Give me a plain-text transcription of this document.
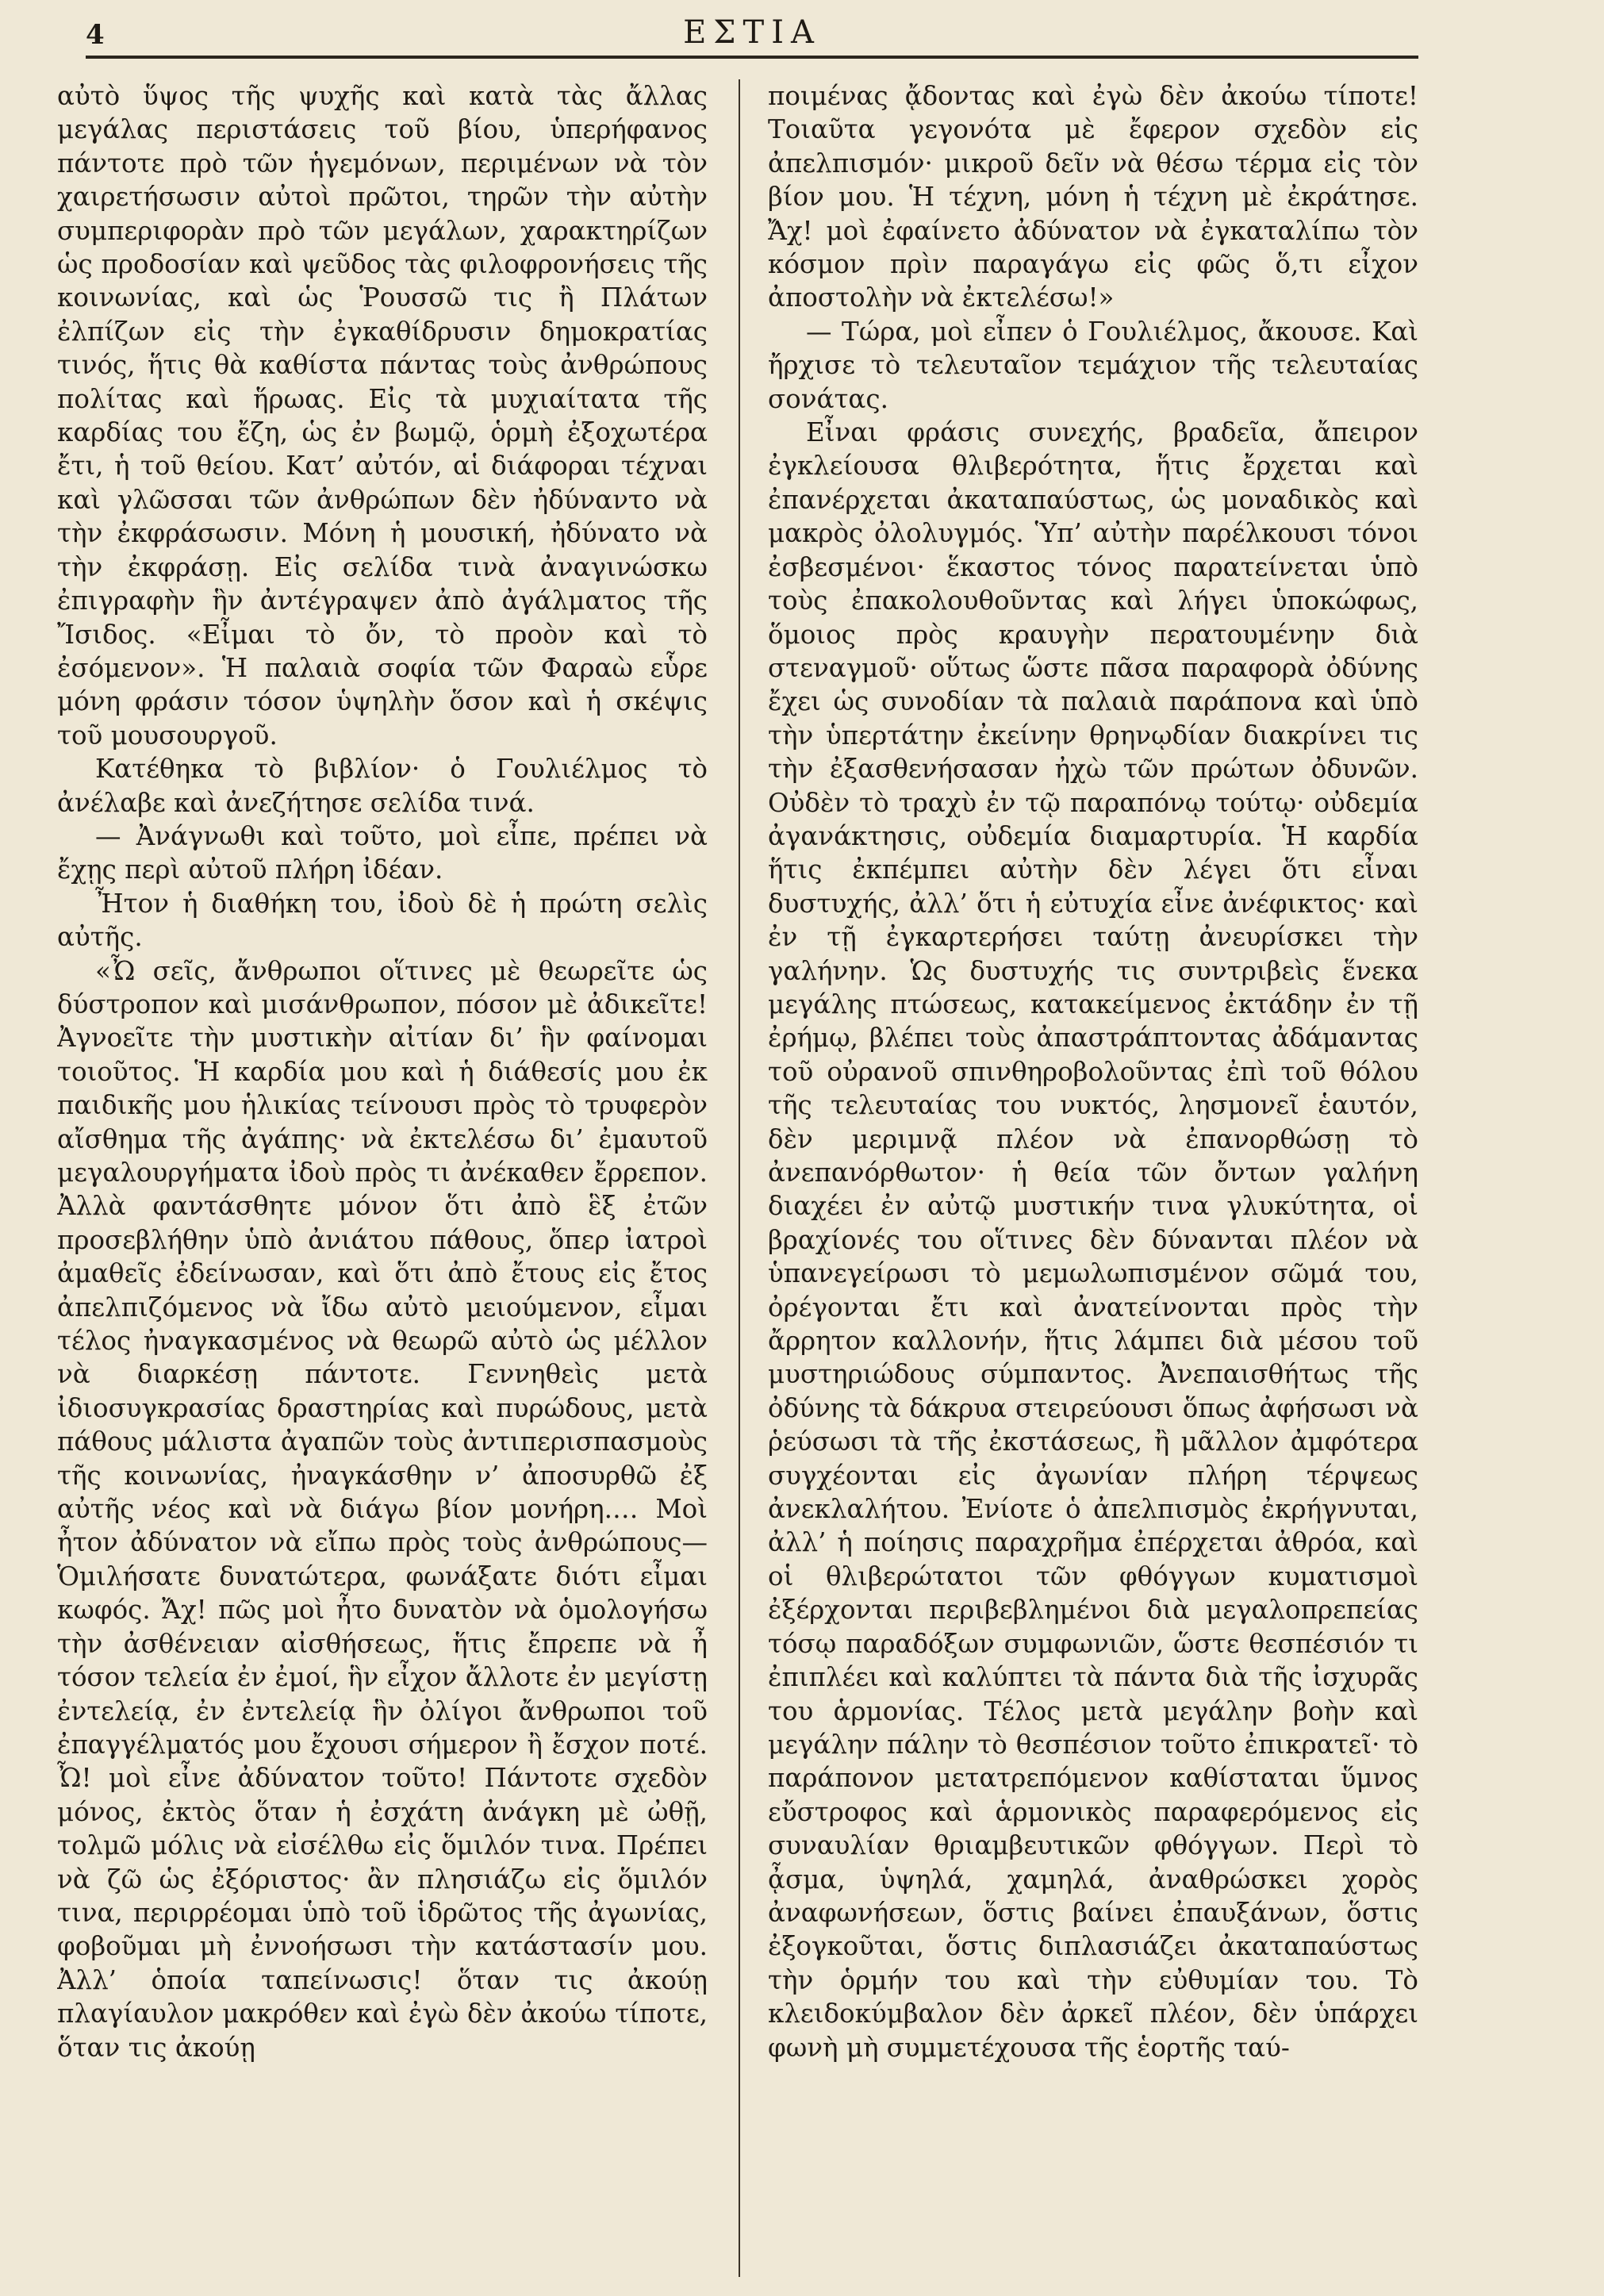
4	ΕΣΤΙΑ

αὐτὸ ὕψος τῆς ψυχῆς καὶ κατὰ τὰς ἄλλας μεγάλας περιστάσεις τοῦ βίου, ὑπερήφανος πάντοτε πρὸ τῶν ἡγεμόνων, περιμένων νὰ τὸν χαιρετήσωσιν αὐτοὶ πρῶτοι, τηρῶν τὴν αὐτὴν συμπεριφορὰν πρὸ τῶν μεγάλων, χαρακτηρίζων ὡς προδοσίαν καὶ ψεῦδος τὰς φιλοφρονήσεις τῆς κοινωνίας, καὶ ὡς Ῥουσσῶ τις ἢ Πλάτων ἐλπίζων εἰς τὴν ἐγκαθίδρυσιν δημοκρατίας τινός, ἥτις θὰ καθίστα πάντας τοὺς ἀνθρώπους πολίτας καὶ ἥρωας. Εἰς τὰ μυχιαίτατα τῆς καρδίας του ἔζη, ὡς ἐν βωμῷ, ὁρμὴ ἐξοχωτέρα ἔτι, ἡ τοῦ θείου. Κατ’ αὐτόν, αἱ διάφοραι τέχναι καὶ γλῶσσαι τῶν ἀνθρώπων δὲν ἠδύναντο νὰ τὴν ἐκφράσωσιν. Μόνη ἡ μουσική, ἠδύνατο νὰ τὴν ἐκφράσῃ. Εἰς σελίδα τινὰ ἀναγινώσκω ἐπιγραφὴν ἣν ἀντέγραψεν ἀπὸ ἀγάλματος τῆς Ἴσιδος. «Εἶμαι τὸ ὄν, τὸ προὸν καὶ τὸ ἐσόμενον». Ἡ παλαιὰ σοφία τῶν Φαραὼ εὗρε μόνη φράσιν τόσον ὑψηλὴν ὅσον καὶ ἡ σκέψις τοῦ μουσουργοῦ.

Κατέθηκα τὸ βιβλίον· ὁ Γουλιέλμος τὸ ἀνέλαβε καὶ ἀνεζήτησε σελίδα τινά.

— Ἀνάγνωθι καὶ τοῦτο, μοὶ εἶπε, πρέπει νὰ ἔχῃς περὶ αὐτοῦ πλήρη ἰδέαν.

Ἦτον ἡ διαθήκη του, ἰδοὺ δὲ ἡ πρώτη σελὶς αὐτῆς.

«Ὦ σεῖς, ἄνθρωποι οἵτινες μὲ θεωρεῖτε ὡς δύστροπον καὶ μισάνθρωπον, πόσον μὲ ἀδικεῖτε! Ἀγνοεῖτε τὴν μυστικὴν αἰτίαν δι’ ἣν φαίνομαι τοιοῦτος. Ἡ καρδία μου καὶ ἡ διάθεσίς μου ἐκ παιδικῆς μου ἡλικίας τείνουσι πρὸς τὸ τρυφερὸν αἴσθημα τῆς ἀγάπης· νὰ ἐκτελέσω δι’ ἐμαυτοῦ μεγαλουργήματα ἰδοὺ πρὸς τι ἀνέκαθεν ἔρρεπον. Ἀλλὰ φαντάσθητε μόνον ὅτι ἀπὸ ἓξ ἐτῶν προσεβλήθην ὑπὸ ἀνιάτου πάθους, ὅπερ ἰατροὶ ἀμαθεῖς ἐδείνωσαν, καὶ ὅτι ἀπὸ ἔτους εἰς ἔτος ἀπελπιζόμενος νὰ ἴδω αὐτὸ μειούμενον, εἶμαι τέλος ἠναγκασμένος νὰ θεωρῶ αὐτὸ ὡς μέλλον νὰ διαρκέσῃ πάντοτε. Γεννηθεὶς μετὰ ἰδιοσυγκρασίας δραστηρίας καὶ πυρώδους, μετὰ πάθους μάλιστα ἀγαπῶν τοὺς ἀντιπερισπασμοὺς τῆς κοινωνίας, ἠναγκάσθην ν’ ἀποσυρθῶ ἐξ αὐτῆς νέος καὶ νὰ διάγω βίον μονήρη.… Μοὶ ἦτον ἀδύνατον νὰ εἴπω πρὸς τοὺς ἀνθρώπους—Ὁμιλήσατε δυνατώτερα, φωνάξατε διότι εἶμαι κωφός. Ἄχ! πῶς μοὶ ἦτο δυνατὸν νὰ ὁμολογήσω τὴν ἀσθένειαν αἰσθήσεως, ἥτις ἔπρεπε νὰ ἦ τόσον τελεία ἐν ἐμοί, ἣν εἶχον ἄλλοτε ἐν μεγίστῃ ἐντελείᾳ, ἐν ἐντελείᾳ ἣν ὀλίγοι ἄνθρωποι τοῦ ἐπαγγέλματός μου ἔχουσι σήμερον ἢ ἔσχον ποτέ. Ὦ! μοὶ εἶνε ἀδύνατον τοῦτο! Πάντοτε σχεδὸν μόνος, ἐκτὸς ὅταν ἡ ἐσχάτη ἀνάγκη μὲ ὠθῇ, τολμῶ μόλις νὰ εἰσέλθω εἰς ὅμιλόν τινα. Πρέπει νὰ ζῶ ὡς ἐξόριστος· ἂν πλησιάζω εἰς ὅμιλόν τινα, περιρρέομαι ὑπὸ τοῦ ἱδρῶτος τῆς ἀγωνίας, φοβοῦμαι μὴ ἐννοήσωσι τὴν κατάστασίν μου. Ἀλλ’ ὁποία ταπείνωσις! ὅταν τις ἀκούῃ πλαγίαυλον μακρόθεν καὶ ἐγὼ δὲν ἀκούω τίποτε, ὅταν τις ἀκούῃ

ποιμένας ᾄδοντας καὶ ἐγὼ δὲν ἀκούω τίποτε! Τοιαῦτα γεγονότα μὲ ἔφερον σχεδὸν εἰς ἀπελπισμόν· μικροῦ δεῖν νὰ θέσω τέρμα εἰς τὸν βίον μου. Ἡ τέχνη, μόνη ἡ τέχνη μὲ ἐκράτησε. Ἄχ! μοὶ ἐφαίνετο ἀδύνατον νὰ ἐγκαταλίπω τὸν κόσμον πρὶν παραγάγω εἰς φῶς ὅ,τι εἶχον ἀποστολὴν νὰ ἐκτελέσω!»

— Τώρα, μοὶ εἶπεν ὁ Γουλιέλμος, ἄκουσε. Καὶ ἤρχισε τὸ τελευταῖον τεμάχιον τῆς τελευταίας σονάτας.

Εἶναι φράσις συνεχής, βραδεῖα, ἄπειρον ἐγκλείουσα θλιβερότητα, ἥτις ἔρχεται καὶ ἐπανέρχεται ἀκαταπαύστως, ὡς μοναδικὸς καὶ μακρὸς ὀλολυγμός. Ὑπ’ αὐτὴν παρέλκουσι τόνοι ἐσβεσμένοι· ἕκαστος τόνος παρατείνεται ὑπὸ τοὺς ἐπακολουθοῦντας καὶ λήγει ὑποκώφως, ὅμοιος πρὸς κραυγὴν περατουμένην διὰ στεναγμοῦ· οὕτως ὥστε πᾶσα παραφορὰ ὀδύνης ἔχει ὡς συνοδίαν τὰ παλαιὰ παράπονα καὶ ὑπὸ τὴν ὑπερτάτην ἐκείνην θρηνῳδίαν διακρίνει τις τὴν ἐξασθενήσασαν ἠχὼ τῶν πρώτων ὀδυνῶν. Οὐδὲν τὸ τραχὺ ἐν τῷ παραπόνῳ τούτῳ· οὐδεμία ἀγανάκτησις, οὐδεμία διαμαρτυρία. Ἡ καρδία ἥτις ἐκπέμπει αὐτὴν δὲν λέγει ὅτι εἶναι δυστυχής, ἀλλ’ ὅτι ἡ εὐτυχία εἶνε ἀνέφικτος· καὶ ἐν τῇ ἐγκαρτερήσει ταύτῃ ἀνευρίσκει τὴν γαλήνην. Ὡς δυστυχής τις συντριβεὶς ἕνεκα μεγάλης πτώσεως, κατακείμενος ἐκτάδην ἐν τῇ ἐρήμῳ, βλέπει τοὺς ἀπαστράπτοντας ἀδάμαντας τοῦ οὐρανοῦ σπινθηροβολοῦντας ἐπὶ τοῦ θόλου τῆς τελευταίας του νυκτός, λησμονεῖ ἑαυτόν, δὲν μεριμνᾷ πλέον νὰ ἐπανορθώσῃ τὸ ἀνεπανόρθωτον· ἡ θεία τῶν ὄντων γαλήνη διαχέει ἐν αὐτῷ μυστικήν τινα γλυκύτητα, οἱ βραχίονές του οἵτινες δὲν δύνανται πλέον νὰ ὑπανεγείρωσι τὸ μεμωλωπισμένον σῶμά του, ὀρέγονται ἔτι καὶ ἀνατείνονται πρὸς τὴν ἄρρητον καλλονήν, ἥτις λάμπει διὰ μέσου τοῦ μυστηριώδους σύμπαντος. Ἀνεπαισθήτως τῆς ὀδύνης τὰ δάκρυα στειρεύουσι ὅπως ἀφήσωσι νὰ ῥεύσωσι τὰ τῆς ἐκστάσεως, ἢ μᾶλλον ἀμφότερα συγχέονται εἰς ἀγωνίαν πλήρη τέρψεως ἀνεκλαλήτου. Ἐνίοτε ὁ ἀπελπισμὸς ἐκρήγνυται, ἀλλ’ ἡ ποίησις παραχρῆμα ἐπέρχεται ἀθρόα, καὶ οἱ θλιβερώτατοι τῶν φθόγγων κυματισμοὶ ἐξέρχονται περιβεβλημένοι διὰ μεγαλοπρεπείας τόσῳ παραδόξων συμφωνιῶν, ὥστε θεσπέσιόν τι ἐπιπλέει καὶ καλύπτει τὰ πάντα διὰ τῆς ἰσχυρᾶς του ἁρμονίας. Τέλος μετὰ μεγάλην βοὴν καὶ μεγάλην πάλην τὸ θεσπέσιον τοῦτο ἐπικρατεῖ· τὸ παράπονον μετατρεπόμενον καθίσταται ὕμνος εὔστροφος καὶ ἁρμονικὸς παραφερόμενος εἰς συναυλίαν θριαμβευτικῶν φθόγγων. Περὶ τὸ ᾆσμα, ὑψηλά, χαμηλά, ἀναθρώσκει χορὸς ἀναφωνήσεων, ὅστις βαίνει ἐπαυξάνων, ὅστις ἐξογκοῦται, ὅστις διπλασιάζει ἀκαταπαύστως τὴν ὁρμήν του καὶ τὴν εὐθυμίαν του. Τὸ κλειδοκύμβαλον δὲν ἀρκεῖ πλέον, δὲν ὑπάρχει φωνὴ μὴ συμμετέχουσα τῆς ἑορτῆς ταύ-
